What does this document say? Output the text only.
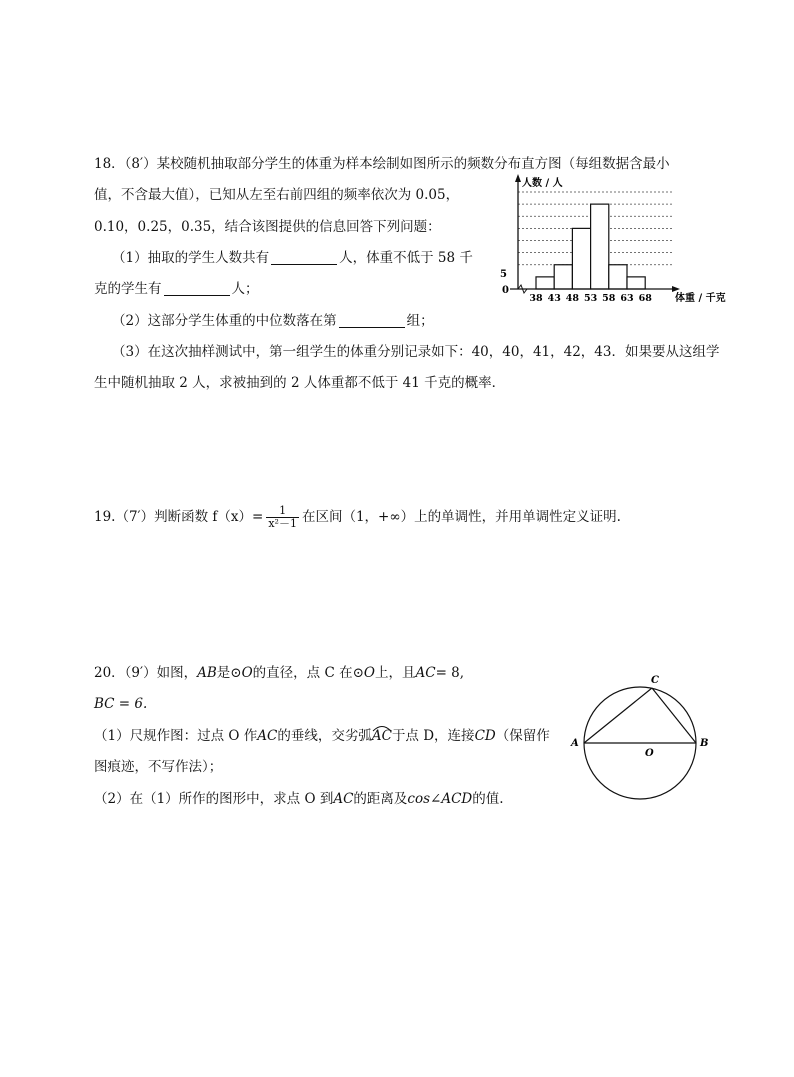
18．（8′）某校随机抽取部分学生的体重为样本绘制如图所示的频数分布直方图（每组数据含最小
值，不含最大值），已知从左至右前四组的频率依次为 0.05，
0.10，0.25，0.35，结合该图提供的信息回答下列问题：
（1）抽取的学生人数共有	人，体重不低于 58 千
克的学生有	人；
（2）这部分学生体重的中位数落在第	组；
（3）在这次抽样测试中，第一组学生的体重分别记录如下：40，40，41，42，43．如果要从这组学
生中随机抽取 2 人，求被抽到的 2 人体重都不低于 41 千克的概率．
人数 / 人
体重 / 千克
5
0
38 43 48 53 58 63 68
19.（7′）判断函数 $f(x)= \frac{1}{\text{x²－1}}$ 在区间（1，+∞）上的单调性，并用单调性定义证明.
20．（9′）如图，AB是⊙O的直径，点 C 在⊙O上，且AC= 8,
BC = 6.
（1）尺规作图：过点 O 作AC的垂线，交劣弧AC
于点 D，连接CD（保留作
图痕迹，不写作法）；
（2）在（1）所作的图形中，求点 O 到AC的距离及cos∠ACD的值.
A	B
C
O
